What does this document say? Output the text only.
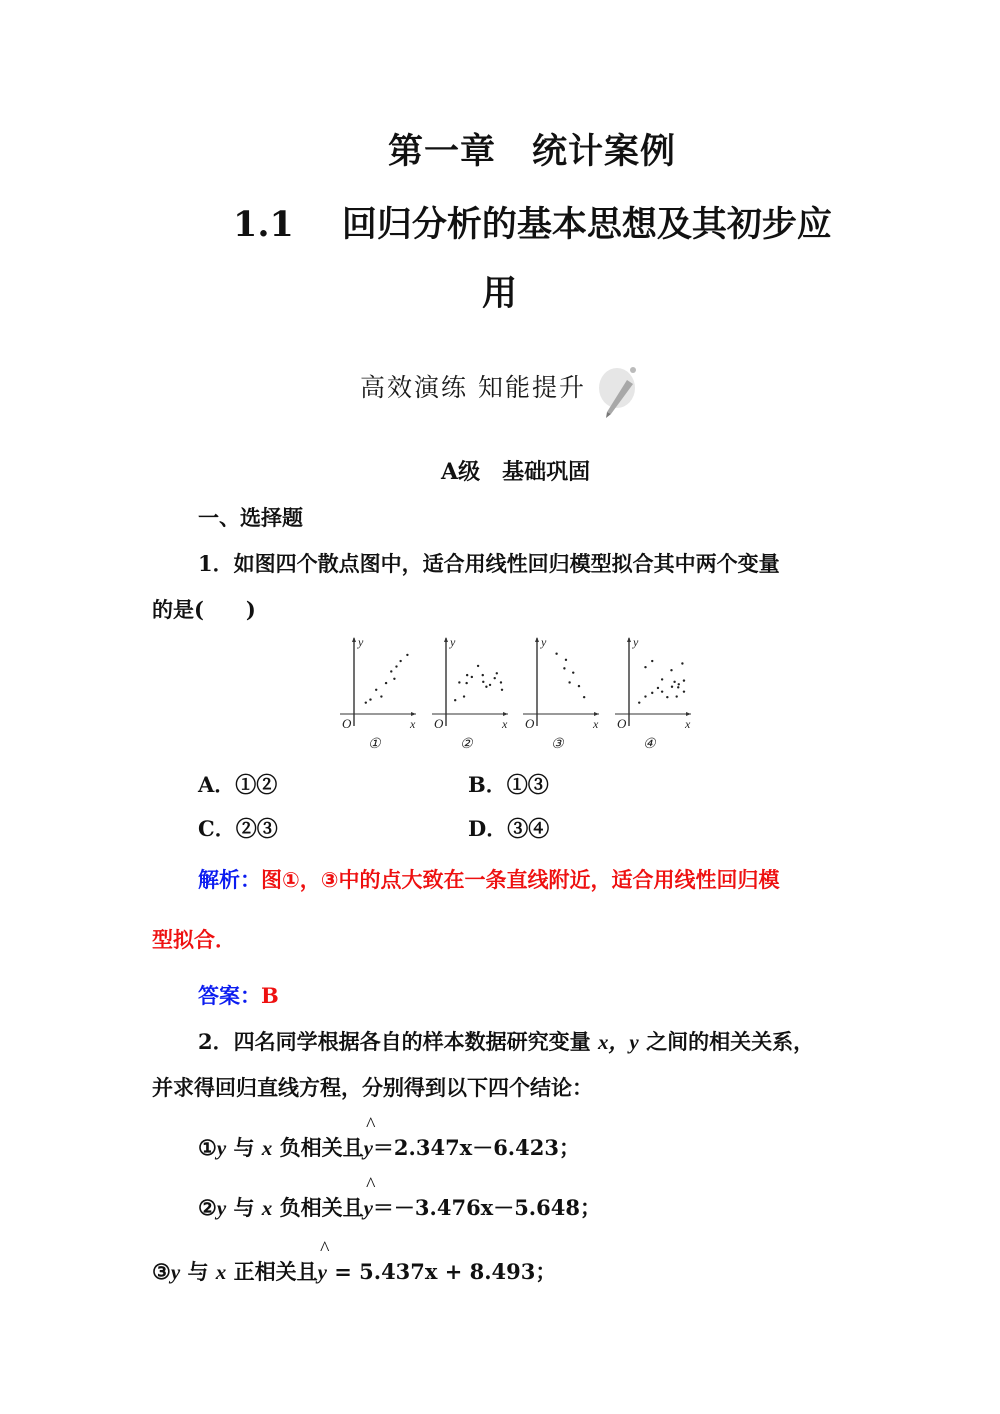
第一章　统计案例
1.1 回归分析的基本思想及其初步应
用
高效演练 知能提升
A级　基础巩固
一、选择题
1．如图四个散点图中，适合用线性回归模型拟合其中两个变量
的是(　　)
y
x
O
①
y
x
O
②
y
x
O
③
y
x
O
④
A．①②	B．①③
C．②③	D．③④
解析：图①，③中的点大致在一条直线附近，适合用线性回归模
型拟合．
答案：B
2．四名同学根据各自的样本数据研究变量 x，y 之间的相关关系，
并求得回归直线方程，分别得到以下四个结论：
①y 与 x 负相关且^ y＝2.347x－6.423；
②y 与 x 负相关且^ y＝－3.476x－5.648；
③y 与 x 正相关且^ y = 5.437x + 8.493；
